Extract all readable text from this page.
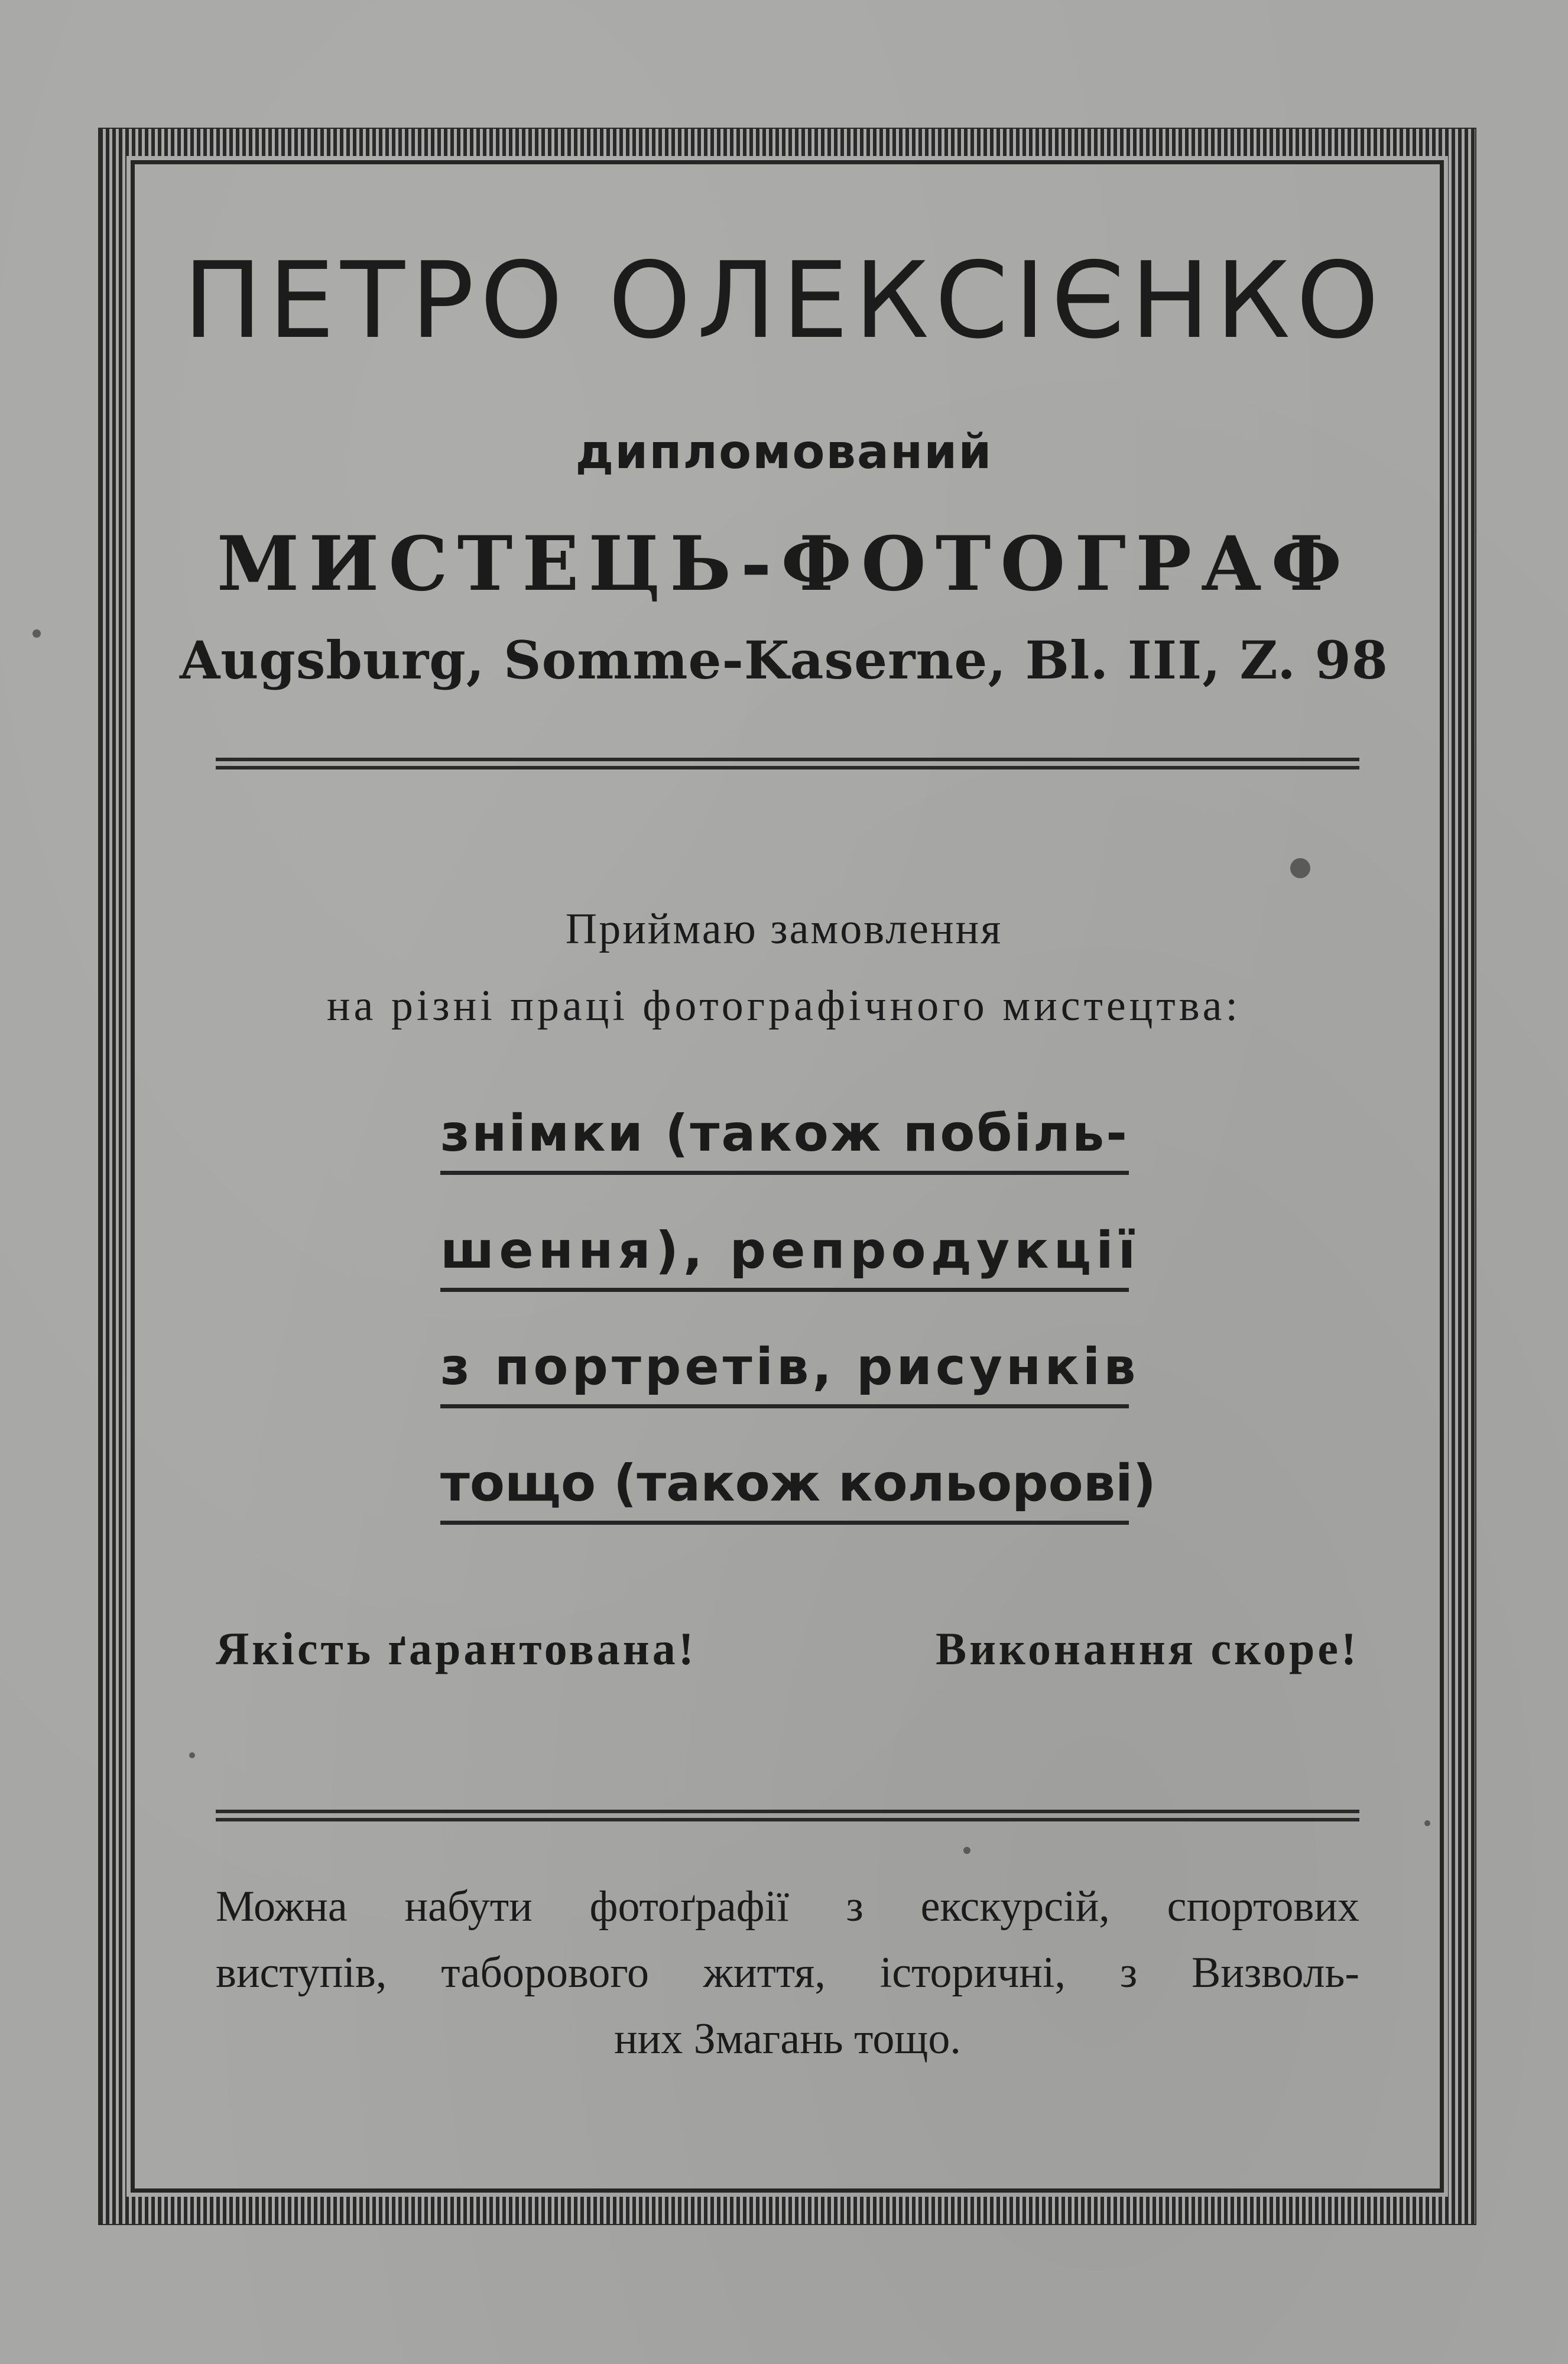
ПЕТРО ОЛЕКСІЄНКО
дипломований
МИСТЕЦЬ-ФОТОГРАФ
Augsburg, Somme-Kaserne, Bl. III, Z. 98
Приймаю замовлення
на різні праці фотографічного мистецтва:
знімки (також побіль-
шення), репродукції
з портретів, рисунків
тощо (також кольорові)
Якість ґарантована!	Виконання скоре!
Можна набути фотоґрафії з екскурсій, спортових
виступів, таборового життя, історичні, з Визволь-
них Змагань тощо.
